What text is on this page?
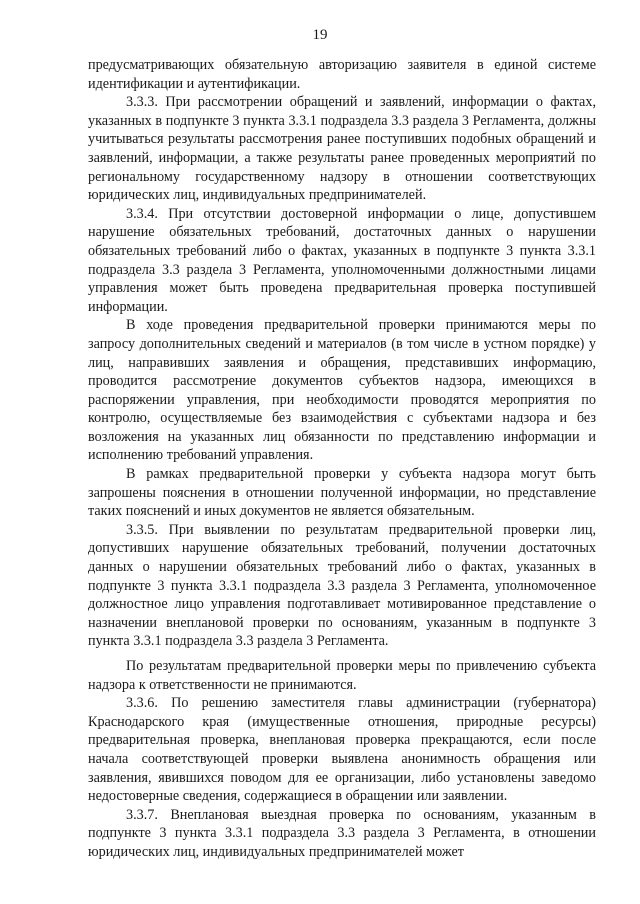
19

предусматривающих обязательную авторизацию заявителя в единой системе идентификации и аутентификации.

3.3.3. При рассмотрении обращений и заявлений, информации о фактах, указанных в подпункте 3 пункта 3.3.1 подраздела 3.3 раздела 3 Регламента, должны учитываться результаты рассмотрения ранее поступивших подобных обращений и заявлений, информации, а также результаты ранее проведенных мероприятий по региональному государственному надзору в отношении соответствующих юридических лиц, индивидуальных предпринимателей.

3.3.4. При отсутствии достоверной информации о лице, допустившем нарушение обязательных требований, достаточных данных о нарушении обязательных требований либо о фактах, указанных в подпункте 3 пункта 3.3.1 подраздела 3.3 раздела 3 Регламента, уполномоченными должностными лицами управления может быть проведена предварительная проверка поступившей информации.

В ходе проведения предварительной проверки принимаются меры по запросу дополнительных сведений и материалов (в том числе в устном порядке) у лиц, направивших заявления и обращения, представивших информацию, проводится рассмотрение документов субъектов надзора, имеющихся в распоряжении управления, при необходимости проводятся мероприятия по контролю, осуществляемые без взаимодействия с субъектами надзора и без возложения на указанных лиц обязанности по представлению информации и исполнению требований управления.

В рамках предварительной проверки у субъекта надзора могут быть запрошены пояснения в отношении полученной информации, но представление таких пояснений и иных документов не является обязательным.

3.3.5. При выявлении по результатам предварительной проверки лиц, допустивших нарушение обязательных требований, получении достаточных данных о нарушении обязательных требований либо о фактах, указанных в подпункте 3 пункта 3.3.1 подраздела 3.3 раздела 3 Регламента, уполномоченное должностное лицо управления подготавливает мотивированное представление о назначении внеплановой проверки по основаниям, указанным в подпункте 3 пункта 3.3.1 подраздела 3.3 раздела 3 Регламента.

По результатам предварительной проверки меры по привлечению субъекта надзора к ответственности не принимаются.

3.3.6. По решению заместителя главы администрации (губернатора) Краснодарского края (имущественные отношения, природные ресурсы) предварительная проверка, внеплановая проверка прекращаются, если после начала соответствующей проверки выявлена анонимность обращения или заявления, явившихся поводом для ее организации, либо установлены заведомо недостоверные сведения, содержащиеся в обращении или заявлении.

3.3.7. Внеплановая выездная проверка по основаниям, указанным в подпункте 3 пункта 3.3.1 подраздела 3.3 раздела 3 Регламента, в отношении юридических лиц, индивидуальных предпринимателей может
